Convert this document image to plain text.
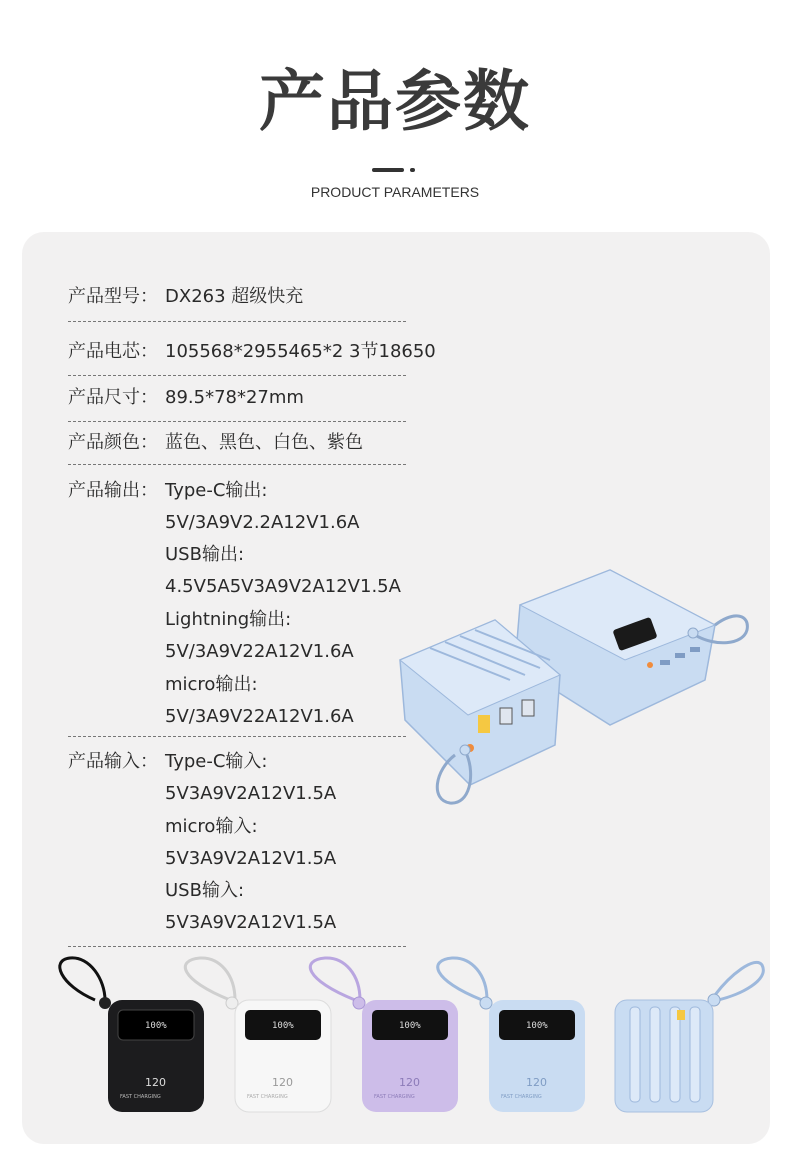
产品参数
PRODUCT PARAMETERS
产品型号： DX263 超级快充
产品电芯： 105568*2955465*2 3节18650
产品尺寸： 89.5*78*27mm
产品颜色： 蓝色、黑色、白色、紫色
产品输出： Type-C输出:
5V/3A9V2.2A12V1.6A
USB输出:
4.5V5A5V3A9V2A12V1.5A
Lightning输出:
5V/3A9V22A12V1.6A
micro输出:
5V/3A9V22A12V1.6A
产品输入： Type-C输入:
5V3A9V2A12V1.5A
micro输入:
5V3A9V2A12V1.5A
USB输入:
5V3A9V2A12V1.5A
100%
120
FAST CHARGING
100%
120
FAST CHARGING
100%
120
FAST CHARGING
100%
120
FAST CHARGING
